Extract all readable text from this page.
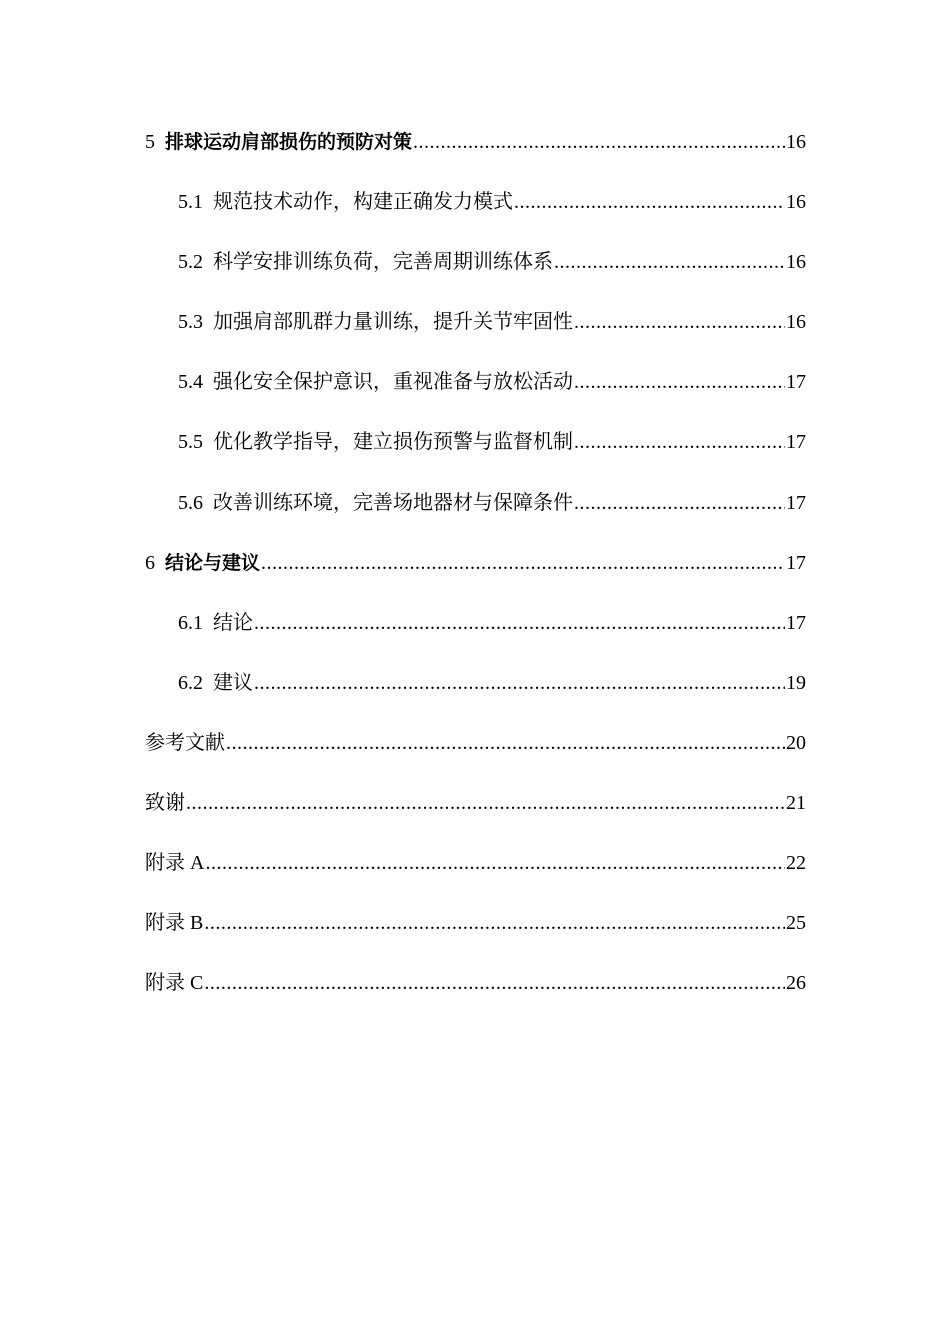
5 排球运动肩部损伤的预防对策 .....	16
5.1 规范技术动作，构建正确发力模式 .....	16
5.2 科学安排训练负荷，完善周期训练体系 .....	16
5.3 加强肩部肌群力量训练，提升关节牢固性 .....	16
5.4 强化安全保护意识，重视准备与放松活动 .....	17
5.5 优化教学指导，建立损伤预警与监督机制 .....	17
5.6 改善训练环境，完善场地器材与保障条件 .....	17
6 结论与建议 .....	17
6.1 结论 .....	17
6.2 建议 .....	19
参考文献 .....	20
致谢 .....	21
附录 A .....	22
附录 B .....	25
附录 C .....	26
